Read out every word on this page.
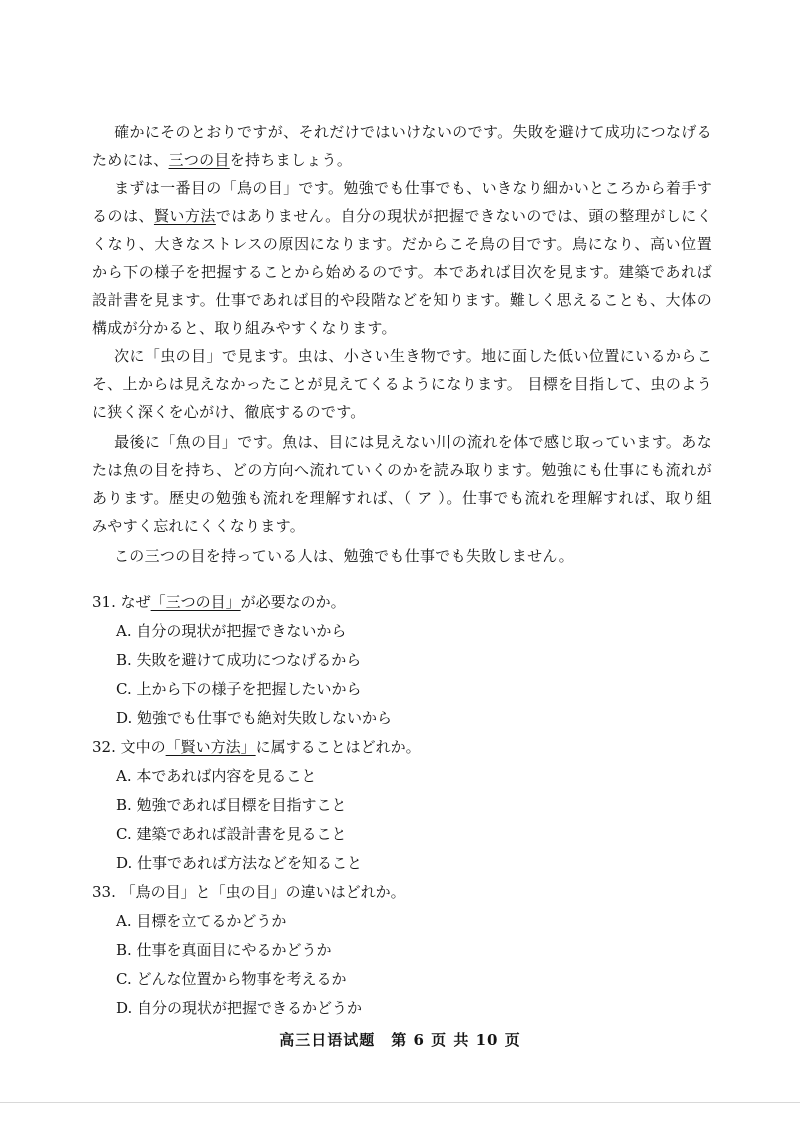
確かにそのとおりですが、それだけではいけないのです。失敗を避けて成功につなげるためには、三つの目を持ちましょう。

まずは一番目の「鳥の目」です。勉強でも仕事でも、いきなり細かいところから着手するのは、賢い方法ではありません。自分の現状が把握できないのでは、頭の整理がしにくくなり、大きなストレスの原因になります。だからこそ鳥の目です。鳥になり、高い位置から下の様子を把握することから始めるのです。本であれば目次を見ます。建築であれば設計書を見ます。仕事であれば目的や段階などを知ります。難しく思えることも、大体の構成が分かると、取り組みやすくなります。

次に「虫の目」で見ます。虫は、小さい生き物です。地に面した低い位置にいるからこそ、上からは見えなかったことが見えてくるようになります。 目標を目指して、虫のように狭く深くを心がけ、徹底するのです。

最後に「魚の目」です。魚は、目には見えない川の流れを体で感じ取っています。あなたは魚の目を持ち、どの方向へ流れていくのかを読み取ります。勉強にも仕事にも流れがあります。歴史の勉強も流れを理解すれば、（ ア ）。仕事でも流れを理解すれば、取り組みやすく忘れにくくなります。

この三つの目を持っている人は、勉強でも仕事でも失敗しません。

31. なぜ「三つの目」が必要なのか。

A. 自分の現状が把握できないから

B. 失敗を避けて成功につなげるから

C. 上から下の様子を把握したいから

D. 勉強でも仕事でも絶対失敗しないから

32. 文中の「賢い方法」に属することはどれか。

A. 本であれば内容を見ること

B. 勉強であれば目標を目指すこと

C. 建築であれば設計書を見ること

D. 仕事であれば方法などを知ること

33. 「鳥の目」と「虫の目」の違いはどれか。

A. 目標を立てるかどうか

B. 仕事を真面目にやるかどうか

C. どんな位置から物事を考えるか

D. 自分の現状が把握できるかどうか

高三日语试题　第 6 页 共 10 页
